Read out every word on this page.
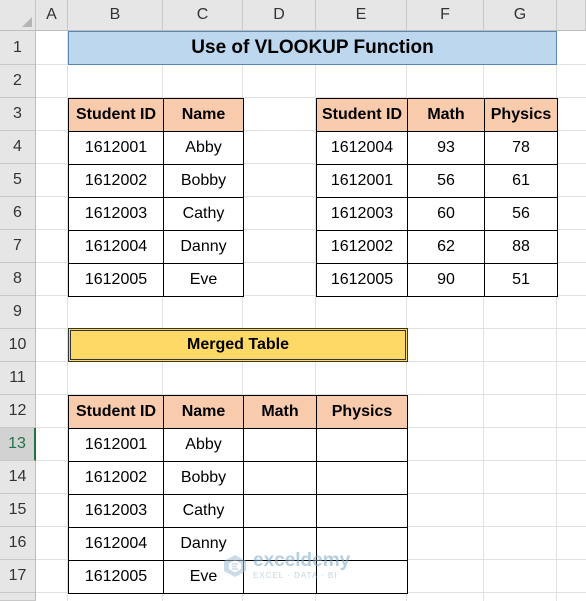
A	B	C	D	E	F	G
1
2
3
4
5
6
7
8
9
10
11
12
13
14
15
16
17
Use of VLOOKUP Function
Student ID	Name
1612001	Abby
1612002	Bobby
1612003	Cathy
1612004	Danny
1612005	Eve
Student ID	Math	Physics
1612004	93	78
1612001	56	61
1612003	60	56
1612002	62	88
1612005	90	51
Merged Table
Student ID	Name	Math	Physics
1612001	Abby		
1612002	Bobby		
1612003	Cathy		
1612004	Danny		
1612005	Eve		
exceldemy
EXCEL · DATA · BI
